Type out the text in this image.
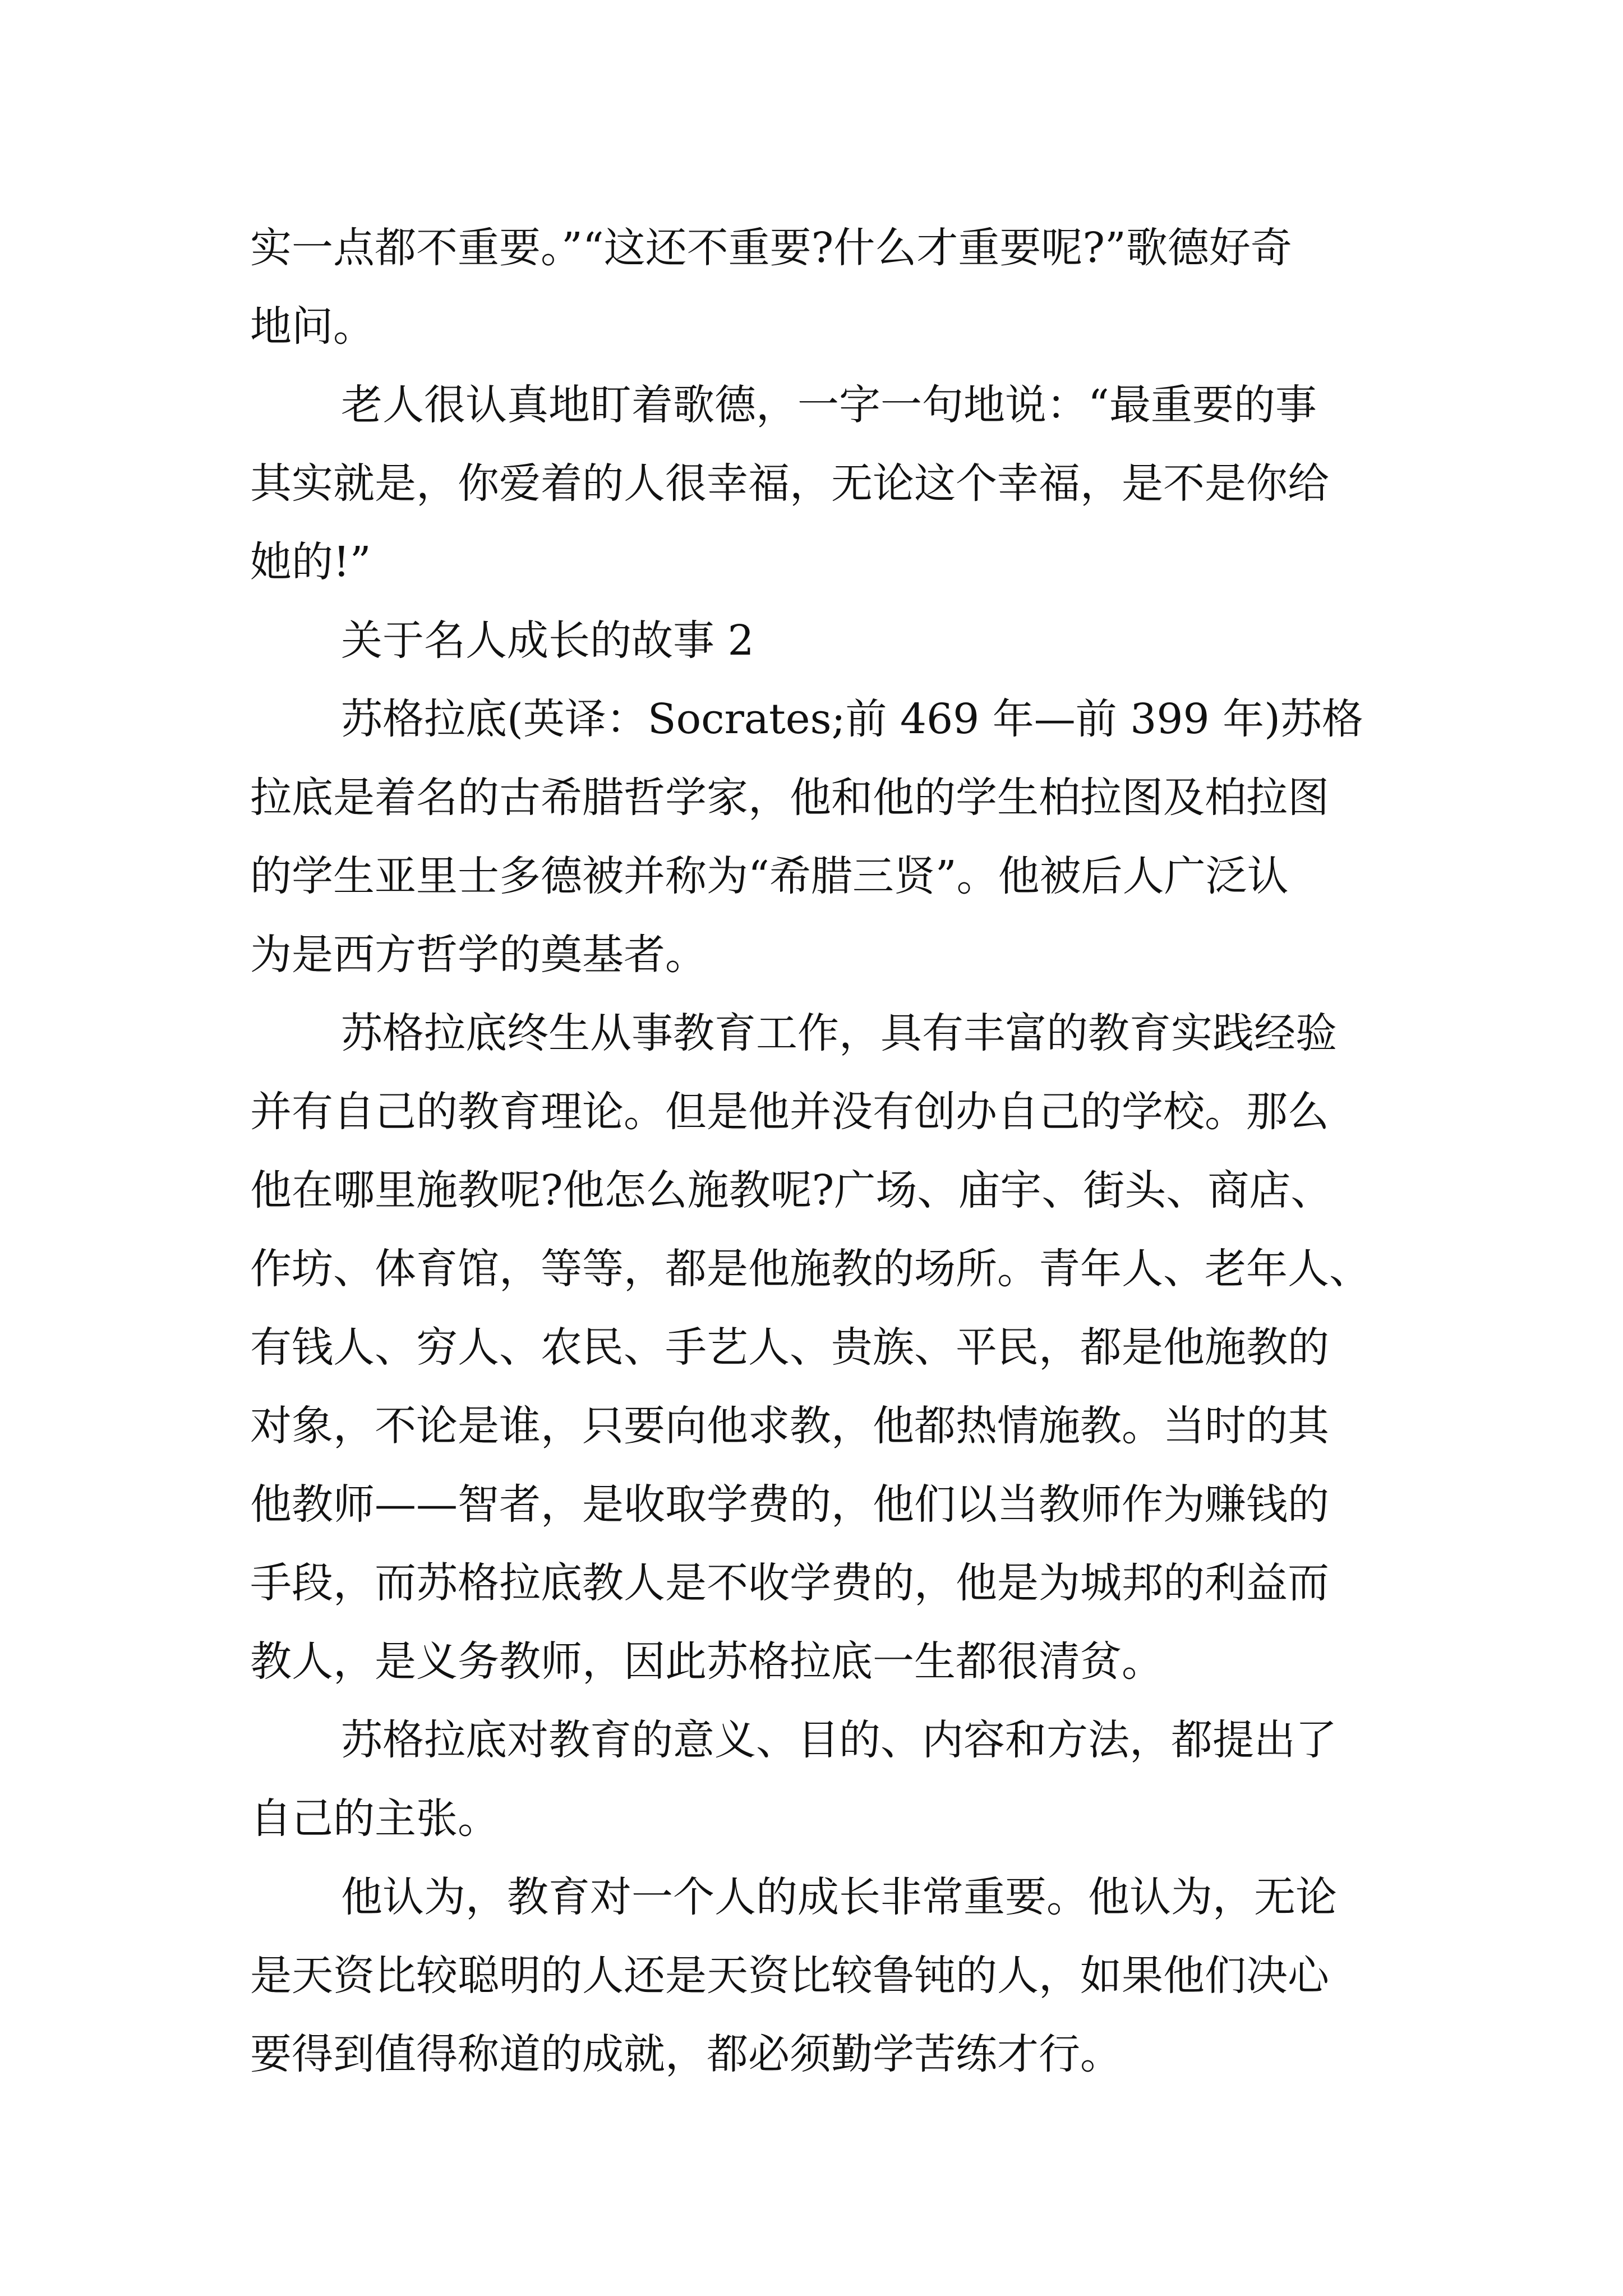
实一点都不重要。”“这还不重要?什么才重要呢?”歌德好奇
地问。

老人很认真地盯着歌德，一字一句地说：“最重要的事
其实就是，你爱着的人很幸福，无论这个幸福，是不是你给
她的!”

关于名人成长的故事 2

苏格拉底(英译：Socrates;前 469 年—前 399 年)苏格
拉底是着名的古希腊哲学家，他和他的学生柏拉图及柏拉图
的学生亚里士多德被并称为“希腊三贤”。他被后人广泛认
为是西方哲学的奠基者。

苏格拉底终生从事教育工作，具有丰富的教育实践经验
并有自己的教育理论。但是他并没有创办自己的学校。那么
他在哪里施教呢?他怎么施教呢?广场、庙宇、街头、商店、
作坊、体育馆，等等，都是他施教的场所。青年人、老年人、
有钱人、穷人、农民、手艺人、贵族、平民，都是他施教的
对象，不论是谁，只要向他求教，他都热情施教。当时的其
他教师——智者，是收取学费的，他们以当教师作为赚钱的
手段，而苏格拉底教人是不收学费的，他是为城邦的利益而
教人，是义务教师，因此苏格拉底一生都很清贫。

苏格拉底对教育的意义、目的、内容和方法，都提出了
自己的主张。

他认为，教育对一个人的成长非常重要。他认为，无论
是天资比较聪明的人还是天资比较鲁钝的人，如果他们决心
要得到值得称道的成就，都必须勤学苦练才行。
